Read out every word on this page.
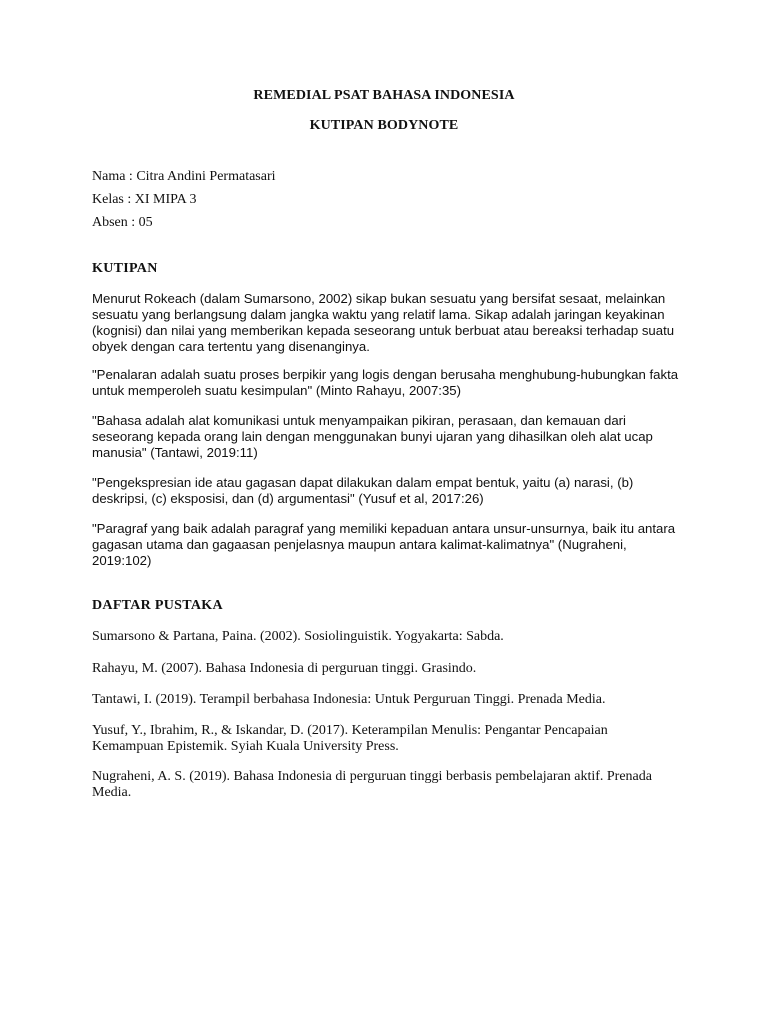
REMEDIAL PSAT BAHASA INDONESIA
KUTIPAN BODYNOTE
Nama : Citra Andini Permatasari
Kelas : XI MIPA 3
Absen : 05
KUTIPAN
Menurut Rokeach (dalam Sumarsono, 2002) sikap bukan sesuatu yang bersifat sesaat, melainkan sesuatu yang berlangsung dalam jangka waktu yang relatif lama. Sikap adalah jaringan keyakinan (kognisi) dan nilai yang memberikan kepada seseorang untuk berbuat atau bereaksi terhadap suatu obyek dengan cara tertentu yang disenanginya.
"Penalaran adalah suatu proses berpikir yang logis dengan berusaha menghubung-hubungkan fakta untuk memperoleh suatu kesimpulan" (Minto Rahayu, 2007:35)
"Bahasa adalah alat komunikasi untuk menyampaikan pikiran, perasaan, dan kemauan dari seseorang kepada orang lain dengan menggunakan bunyi ujaran yang dihasilkan oleh alat ucap manusia" (Tantawi, 2019:11)
"Pengekspresian ide atau gagasan dapat dilakukan dalam empat bentuk, yaitu (a) narasi, (b) deskripsi, (c) eksposisi, dan (d) argumentasi" (Yusuf et al, 2017:26)
"Paragraf yang baik adalah paragraf yang memiliki kepaduan antara unsur-unsurnya, baik itu antara gagasan utama dan gagaasan penjelasnya maupun antara kalimat-kalimatnya" (Nugraheni, 2019:102)
DAFTAR PUSTAKA
Sumarsono & Partana, Paina. (2002). Sosiolinguistik. Yogyakarta: Sabda.
Rahayu, M. (2007). Bahasa Indonesia di perguruan tinggi. Grasindo.
Tantawi, I. (2019). Terampil berbahasa Indonesia: Untuk Perguruan Tinggi. Prenada Media.
Yusuf, Y., Ibrahim, R., & Iskandar, D. (2017). Keterampilan Menulis: Pengantar Pencapaian Kemampuan Epistemik. Syiah Kuala University Press.
Nugraheni, A. S. (2019). Bahasa Indonesia di perguruan tinggi berbasis pembelajaran aktif. Prenada Media.
